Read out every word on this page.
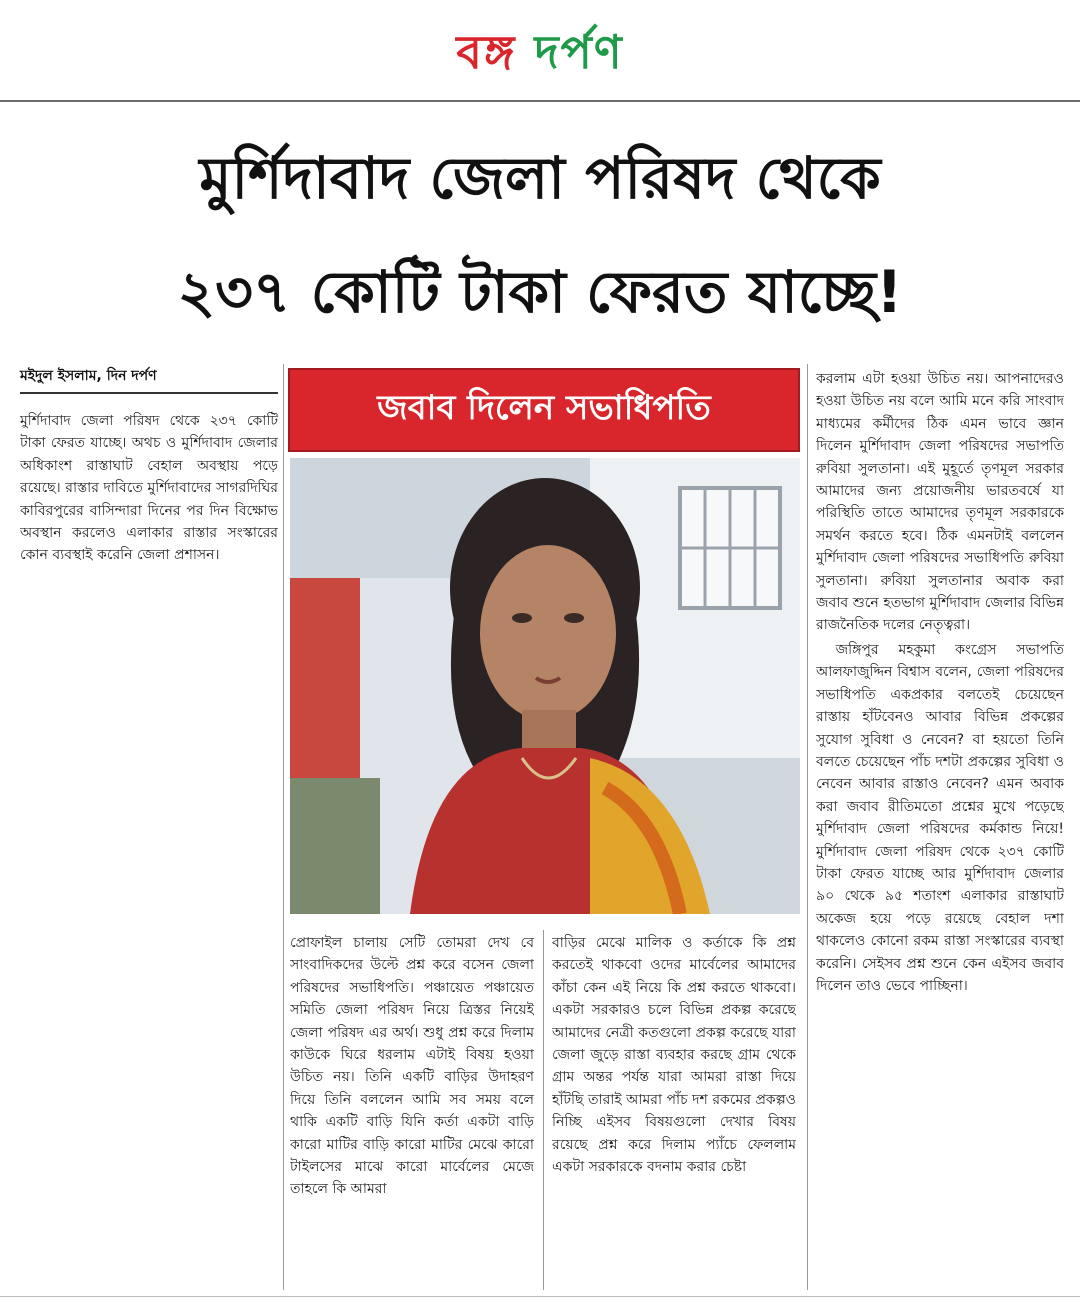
বঙ্গ দর্পণ
মুর্শিদাবাদ জেলা পরিষদ থেকে
২৩৭ কোটি টাকা ফেরত যাচ্ছে!
মইদুল ইসলাম, দিন দর্পণ

মুর্শিদাবাদ জেলা পরিষদ থেকে ২৩৭ কোটি টাকা ফেরত যাচ্ছে। অথচ ও মুর্শিদাবাদ জেলার অধিকাংশ রাস্তাঘাট বেহাল অবস্থায় পড়ে রয়েছে। রাস্তার দাবিতে মুর্শিদাবাদের সাগরদিঘির কাবিরপুরের বাসিন্দারা দিনের পর দিন বিক্ষোভ অবস্থান করলেও এলাকার রাস্তার সংস্কারের কোন ব্যবস্থাই করেনি জেলা প্রশাসন।

জবাব দিলেন সভাধিপতি

প্রোফাইল চালায় সেটি তোমরা দেখ বে সাংবাদিকদের উল্টে প্রশ্ন করে বসেন জেলা পরিষদের সভাধিপতি। পঞ্চায়েত পঞ্চায়েত সমিতি জেলা পরিষদ নিয়ে ত্রিস্তর নিয়েই জেলা পরিষদ এর অর্থ। শুধু প্রশ্ন করে দিলাম কাউকে ঘিরে ধরলাম এটাই বিষয় হওয়া উচিত নয়। তিনি একটি বাড়ির উদাহরণ দিয়ে তিনি বললেন আমি সব সময় বলে থাকি একটি বাড়ি যিনি কর্তা একটা বাড়ি কারো মাটির বাড়ি কারো মাটির মেঝে কারো টাইলসের মাঝে কারো মার্বেলের মেজে তাহলে কি আমরা

বাড়ির মেঝে মালিক ও কর্তাকে কি প্রশ্ন করতেই থাকবো ওদের মার্বেলের আমাদের কাঁচা কেন এই নিয়ে কি প্রশ্ন করতে থাকবো। একটা সরকারও চলে বিভিন্ন প্রকল্প করেছে আমাদের নেত্রী কতগুলো প্রকল্প করেছে যারা জেলা জুড়ে রাস্তা ব্যবহার করছে গ্রাম থেকে গ্রাম অন্তর পর্যন্ত যারা আমরা রাস্তা দিয়ে হাঁটছি তারাই আমরা পাঁচ দশ রকমের প্রকল্পও নিচ্ছি এইসব বিষয়গুলো দেখার বিষয় রয়েছে প্রশ্ন করে দিলাম প্যাঁচে ফেললাম একটা সরকারকে বদনাম করার চেষ্টা

করলাম এটা হওয়া উচিত নয়। আপনাদেরও হওয়া উচিত নয় বলে আমি মনে করি সাংবাদ মাধ্যমের কর্মীদের ঠিক এমন ভাবে জ্ঞান দিলেন মুর্শিদাবাদ জেলা পরিষদের সভাপতি রুবিয়া সুলতানা। এই মুহূর্তে তৃণমূল সরকার আমাদের জন্য প্রয়োজনীয় ভারতবর্ষে যা পরিস্থিতি তাতে আমাদের তৃণমূল সরকারকে সমর্থন করতে হবে। ঠিক এমনটাই বললেন মুর্শিদাবাদ জেলা পরিষদের সভাধিপতি রুবিয়া সুলতানা। রুবিয়া সুলতানার অবাক করা জবাব শুনে হতভাগ মুর্শিদাবাদ জেলার বিভিন্ন রাজনৈতিক দলের নেতৃত্বরা।

জঙ্গিপুর মহকুমা কংগ্রেস সভাপতি আলফাজুদ্দিন বিশ্বাস বলেন, জেলা পরিষদের সভাধিপতি একপ্রকার বলতেই চেয়েছেন রাস্তায় হাঁটবেনও আবার বিভিন্ন প্রকল্পের সুযোগ সুবিধা ও নেবেন? বা হয়তো তিনি বলতে চেয়েছেন পাঁচ দশটা প্রকল্পের সুবিধা ও নেবেন আবার রাস্তাও নেবেন? এমন অবাক করা জবাব রীতিমতো প্রশ্নের মুখে পড়েছে মুর্শিদাবাদ জেলা পরিষদের কর্মকান্ড নিয়ে! মুর্শিদাবাদ জেলা পরিষদ থেকে ২৩৭ কোটি টাকা ফেরত যাচ্ছে আর মুর্শিদাবাদ জেলার ৯০ থেকে ৯৫ শতাংশ এলাকার রাস্তাঘাট অকেজ হয়ে পড়ে রয়েছে বেহাল দশা থাকলেও কোনো রকম রাস্তা সংস্কারের ব্যবস্থা করেনি। সেইসব প্রশ্ন শুনে কেন এইসব জবাব দিলেন তাও ভেবে পাচ্ছিনা।
